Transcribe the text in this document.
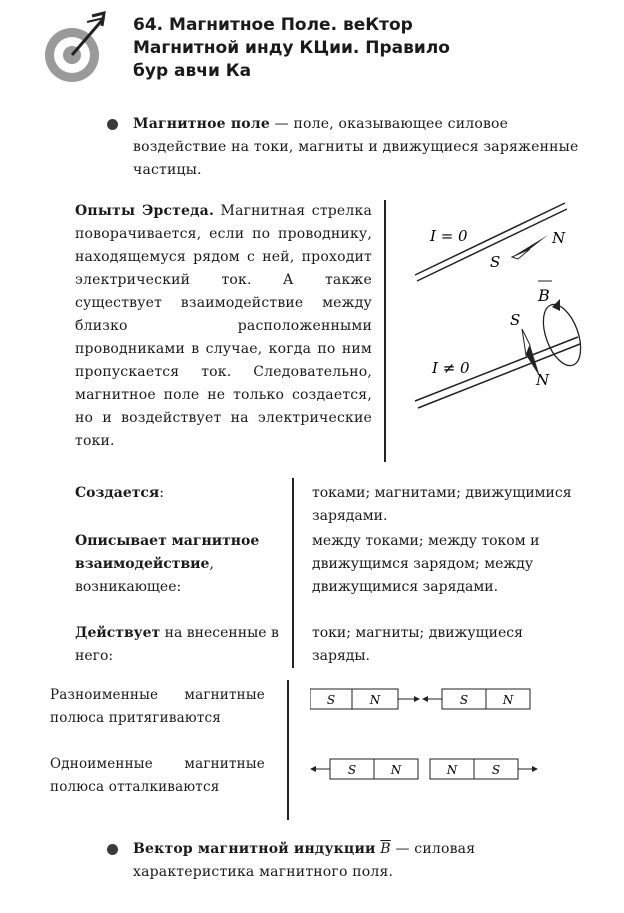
64. Магнитное Поле. веКтор
Магнитной инду КЦии. Правило
бур авчи Ка
Магнитное поле — поле, оказывающее силовое воздействие на токи, магниты и движущиеся заряженные частицы.
Опыты Эрстеда. Магнитная стрелка поворачивается, если по проводнику, находящемуся рядом с ней, проходит электрический ток. А также существует взаимодействие между близко расположенными проводниками в случае, когда по ним пропускается ток. Следовательно, магнитное поле не только создается, но и воздействует на электрические токи.
I = 0	N
S
B
S
N
I ≠ 0
Создается:	токами; магнитами; движущимися зарядами.
Описывает магнитное взаимодействие, возникающее:
между токами; между током и движущимся зарядом; между движущимися зарядами.
Действует на внесенные в него:
токи; магниты; движущиеся заряды.
Разноименные магнитные полюса притягиваются
Одноименные магнитные полюса отталкиваются
S	N	S	N
S	N	N	S
Вектор магнитной индукции $\overline{B}$ — силовая характеристика магнитного поля.
